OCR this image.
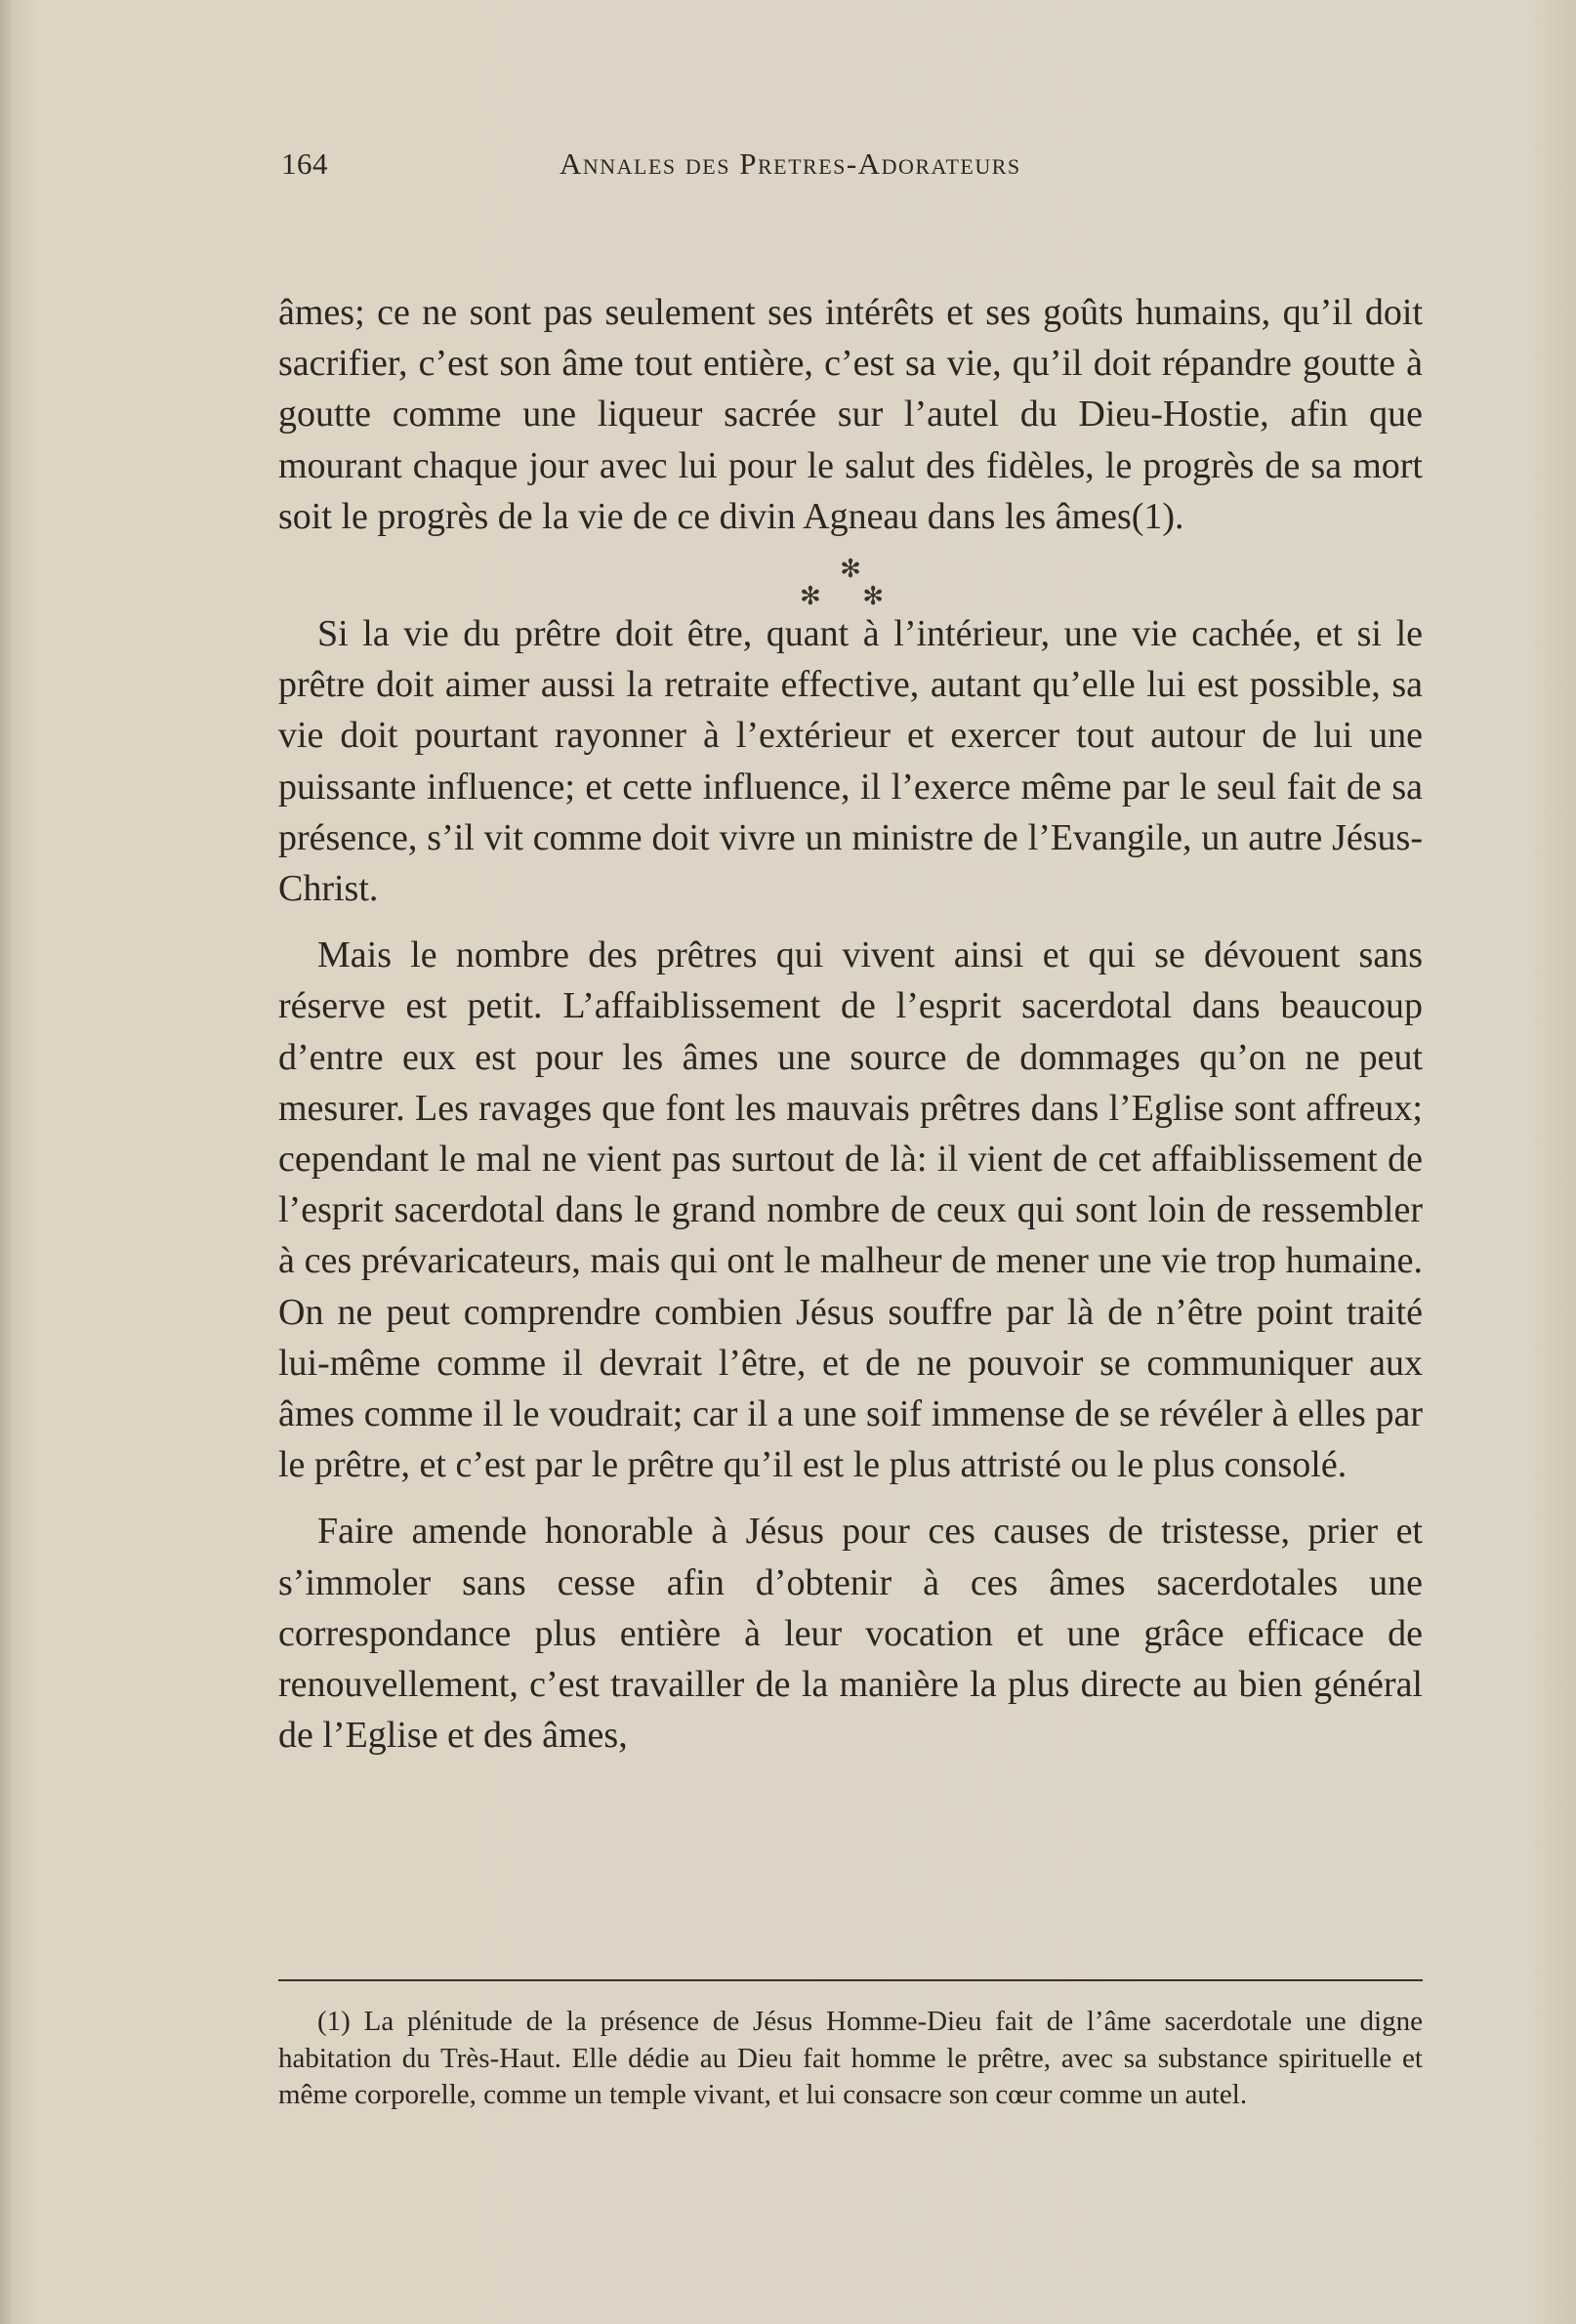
164	Annales des Pretres-Adorateurs

âmes; ce ne sont pas seulement ses intérêts et ses goûts humains, qu’il doit sacrifier, c’est son âme tout entière, c’est sa vie, qu’il doit répandre goutte à goutte comme une liqueur sacrée sur l’autel du Dieu-Hostie, afin que mourant chaque jour avec lui pour le salut des fidèles, le progrès de sa mort soit le progrès de la vie de ce divin Agneau dans les âmes(1).

✻
✻ ✻

Si la vie du prêtre doit être, quant à l’intérieur, une vie cachée, et si le prêtre doit aimer aussi la retraite effective, autant qu’elle lui est possible, sa vie doit pourtant rayonner à l’extérieur et exercer tout autour de lui une puissante influence; et cette influence, il l’exerce même par le seul fait de sa présence, s’il vit comme doit vivre un ministre de l’Evangile, un autre Jésus-Christ.

Mais le nombre des prêtres qui vivent ainsi et qui se dévouent sans réserve est petit. L’affaiblissement de l’esprit sacerdotal dans beaucoup d’entre eux est pour les âmes une source de dommages qu’on ne peut mesurer. Les ravages que font les mauvais prêtres dans l’Eglise sont affreux; cependant le mal ne vient pas surtout de là: il vient de cet affaiblissement de l’esprit sacerdotal dans le grand nombre de ceux qui sont loin de ressembler à ces prévaricateurs, mais qui ont le malheur de mener une vie trop humaine. On ne peut comprendre combien Jésus souffre par là de n’être point traité lui-même comme il devrait l’être, et de ne pouvoir se communiquer aux âmes comme il le voudrait; car il a une soif immense de se révéler à elles par le prêtre, et c’est par le prêtre qu’il est le plus attristé ou le plus consolé.

Faire amende honorable à Jésus pour ces causes de tristesse, prier et s’immoler sans cesse afin d’obtenir à ces âmes sacerdotales une correspondance plus entière à leur vocation et une grâce efficace de renouvellement, c’est travailler de la manière la plus directe au bien général de l’Eglise et des âmes,

(1) La plénitude de la présence de Jésus Homme-Dieu fait de l’âme sacerdotale une digne habitation du Très-Haut. Elle dédie au Dieu fait homme le prêtre, avec sa substance spirituelle et même corporelle, comme un temple vivant, et lui consacre son cœur comme un autel.
